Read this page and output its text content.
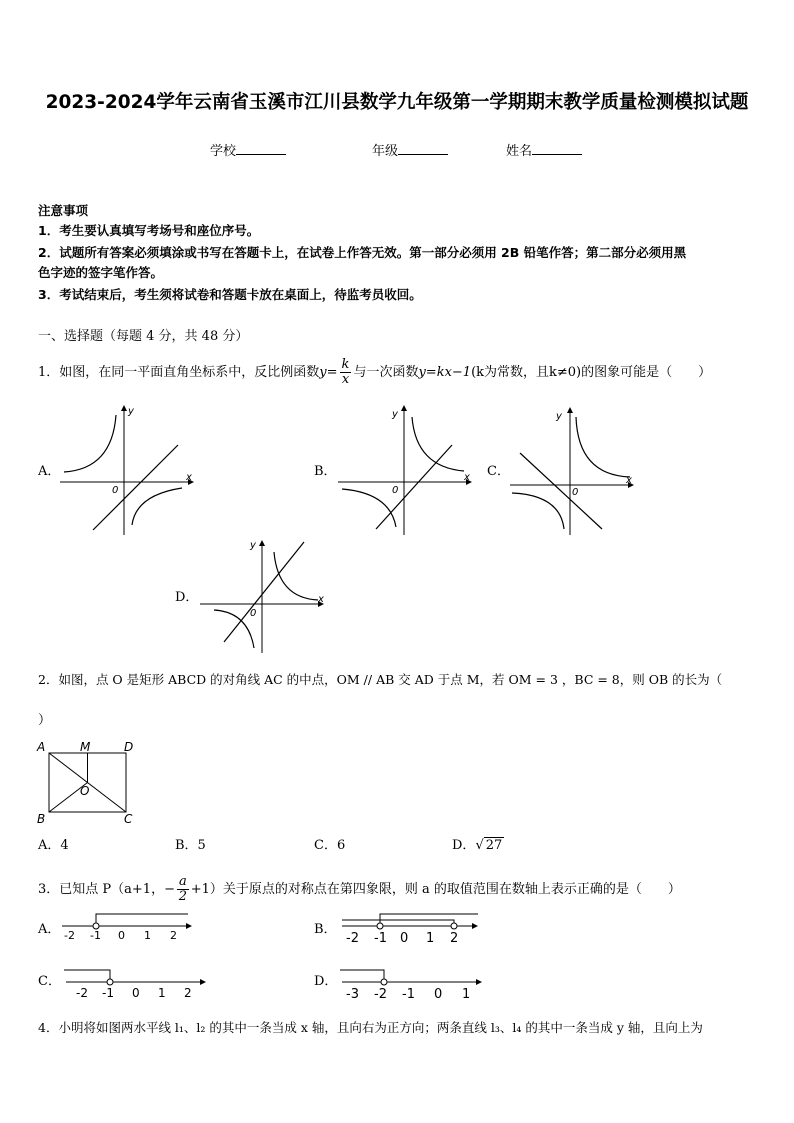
2023-2024学年云南省玉溪市江川县数学九年级第一学期期末教学质量检测模拟试题
学校	年级	姓名
注意事项
1．考生要认真填写考场号和座位序号。
2．试题所有答案必须填涂或书写在答题卡上，在试卷上作答无效。第一部分必须用 2B 铅笔作答；第二部分必须用黑
色字迹的签字笔作答。
3．考试结束后，考生须将试卷和答题卡放在桌面上，待监考员收回。
一、选择题（每题 4 分，共 48 分）
1．如图，在同一平面直角坐标系中，反比例函数$y= \frac{k}{x}$ 与一次函数y=kx−1(k为常数，且k≠0)的图象可能是（　　）
A．	B．	C．
D．
y
x
0
y
x
0
y
x
0
y
x
0
2．如图，点 O 是矩形 ABCD 的对角线 AC 的中点，OM // AB 交 AD 于点 M，若 OM = 3 ，BC = 8，则 OB 的长为（
）
A	M	D
O
B	C
A．4	B．5	C．6	D．√ 27
3．已知点 P（a+1，− $\frac{a}{2} +1$）关于原点的对称点在第四象限，则 a 的取值范围在数轴上表示正确的是（　　）
A．	B．
C．	D．
-2 -1 0 1 2	-2 -1 0 1 2
-2 -1 0 1 2	-3 -2 -1 0 1
4．小明将如图两水平线 l₁、l₂ 的其中一条当成 x 轴，且向右为正方向；两条直线 l₃、l₄ 的其中一条当成 y 轴，且向上为
